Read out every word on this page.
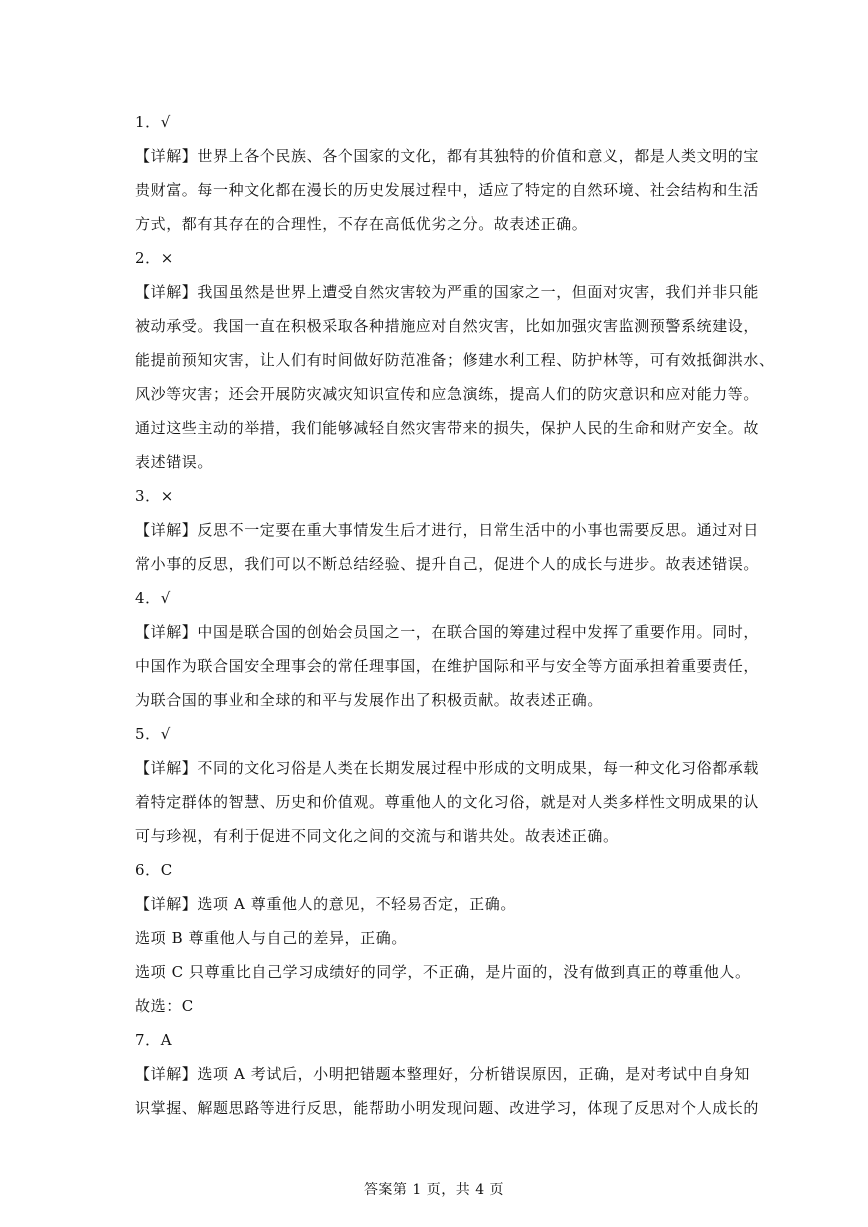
1．√
【详解】世界上各个民族、各个国家的文化，都有其独特的价值和意义，都是人类文明的宝
贵财富。每一种文化都在漫长的历史发展过程中，适应了特定的自然环境、社会结构和生活
方式，都有其存在的合理性，不存在高低优劣之分。故表述正确。
2．×
【详解】我国虽然是世界上遭受自然灾害较为严重的国家之一，但面对灾害，我们并非只能
被动承受。我国一直在积极采取各种措施应对自然灾害，比如加强灾害监测预警系统建设，
能提前预知灾害，让人们有时间做好防范准备；修建水利工程、防护林等，可有效抵御洪水、
风沙等灾害；还会开展防灾减灾知识宣传和应急演练，提高人们的防灾意识和应对能力等。
通过这些主动的举措，我们能够减轻自然灾害带来的损失，保护人民的生命和财产安全。故
表述错误。
3．×
【详解】反思不一定要在重大事情发生后才进行，日常生活中的小事也需要反思。通过对日
常小事的反思，我们可以不断总结经验、提升自己，促进个人的成长与进步。故表述错误。
4．√
【详解】中国是联合国的创始会员国之一，在联合国的筹建过程中发挥了重要作用。同时，
中国作为联合国安全理事会的常任理事国，在维护国际和平与安全等方面承担着重要责任，
为联合国的事业和全球的和平与发展作出了积极贡献。故表述正确。
5．√
【详解】不同的文化习俗是人类在长期发展过程中形成的文明成果，每一种文化习俗都承载
着特定群体的智慧、历史和价值观。尊重他人的文化习俗，就是对人类多样性文明成果的认
可与珍视，有利于促进不同文化之间的交流与和谐共处。故表述正确。
6．C
【详解】选项 A 尊重他人的意见，不轻易否定，正确。
选项 B 尊重他人与自己的差异，正确。
选项 C 只尊重比自己学习成绩好的同学，不正确，是片面的，没有做到真正的尊重他人。
故选：C
7．A
【详解】选项 A 考试后，小明把错题本整理好，分析错误原因，正确，是对考试中自身知
识掌握、解题思路等进行反思，能帮助小明发现问题、改进学习，体现了反思对个人成长的
答案第 1 页，共 4 页
